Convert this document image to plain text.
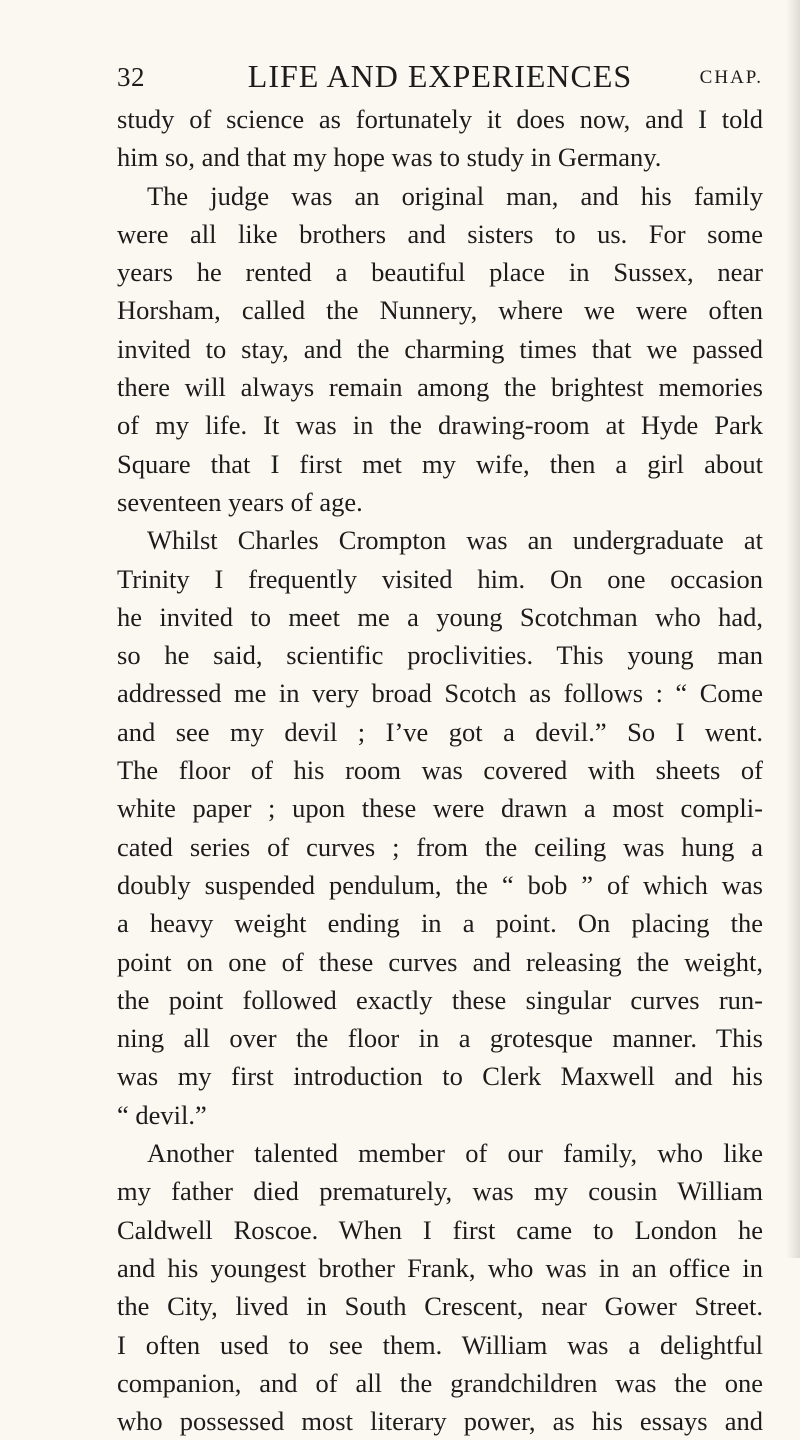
32	LIFE AND EXPERIENCES	CHAP.
study of science as fortunately it does now, and I told
him so, and that my hope was to study in Germany.
The judge was an original man, and his family
were all like brothers and sisters to us. For some
years he rented a beautiful place in Sussex, near
Horsham, called the Nunnery, where we were often
invited to stay, and the charming times that we passed
there will always remain among the brightest memories
of my life. It was in the drawing-room at Hyde Park
Square that I first met my wife, then a girl about
seventeen years of age.
Whilst Charles Crompton was an undergraduate at
Trinity I frequently visited him. On one occasion
he invited to meet me a young Scotchman who had,
so he said, scientific proclivities. This young man
addressed me in very broad Scotch as follows : “ Come
and see my devil ; I’ve got a devil.” So I went.
The floor of his room was covered with sheets of
white paper ; upon these were drawn a most compli-
cated series of curves ; from the ceiling was hung a
doubly suspended pendulum, the “ bob ” of which was
a heavy weight ending in a point. On placing the
point on one of these curves and releasing the weight,
the point followed exactly these singular curves run-
ning all over the floor in a grotesque manner. This
was my first introduction to Clerk Maxwell and his
“ devil.”
Another talented member of our family, who like
my father died prematurely, was my cousin William
Caldwell Roscoe. When I first came to London he
and his youngest brother Frank, who was in an office in
the City, lived in South Crescent, near Gower Street.
I often used to see them. William was a delightful
companion, and of all the grandchildren was the one
who possessed most literary power, as his essays and
